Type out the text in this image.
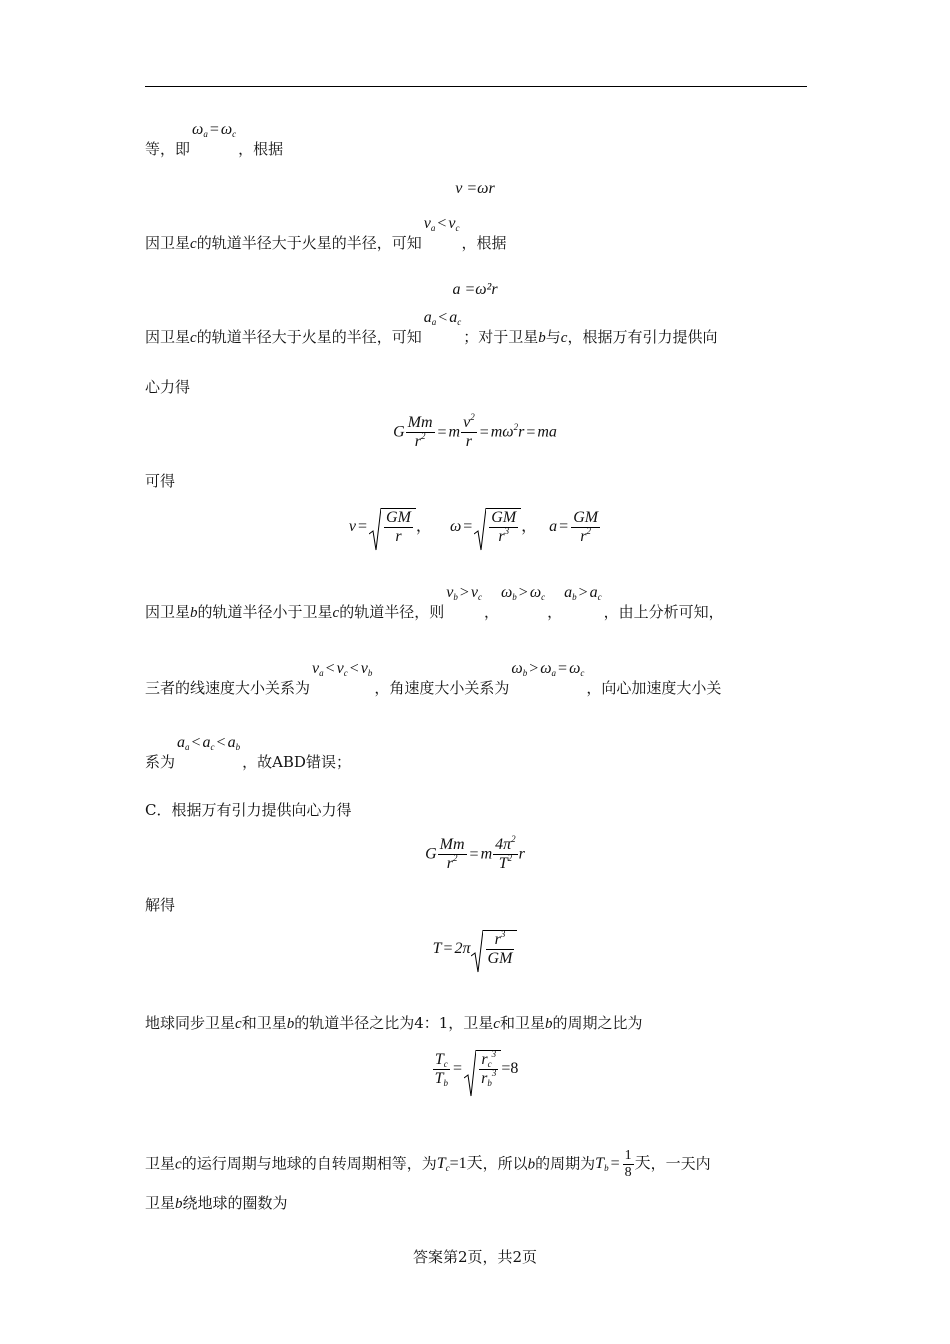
等，即$\omega_a = \omega_c$，根据
v =ωr
因卫星c的轨道半径大于火星的半径，可知$v_a < v_c$，根据
a =ω²r
因卫星c的轨道半径大于火星的半径，可知$a_a < a_c$；对于卫星b与c，根据万有引力提供向
心力得
G $\frac{Mm}{r^2} = m \frac{v^2}{r} = m\omega^2r$ = ma
可得
$v = \frac{GM}{r}$ ， $\omega = \frac{GM}{r^3}$ ， $a = \frac{GM}{r^2}$
因卫星b的轨道半径小于卫星c的轨道半径，则$v_b > v_c$，$\omega_b > \omega_c$，$a_b > a_c$，由上分析可知，
三者的线速度大小关系为$v_a < v_c < v_b$，角速度大小关系为$\omega_b > \omega_a = \omega_c$，向心加速度大小关
系为$a_a < a_c < a_b$，故ABD错误；
C．根据万有引力提供向心力得
G $\frac{Mm}{r^2} = m \frac{4\pi^2}{T^2}$ r
解得
$T = 2\pi \frac{r^3}{GM}$
地球同步卫星c和卫星b的轨道半径之比为4：1，卫星c和卫星b的周期之比为
$\frac{T_c}{T_b} = \frac{r_c^3}{r_b^3} =8$
卫星c的运行周期与地球的自转周期相等，为$T_c=1$天，所以b的周期为$T_b = \frac{1}{8}$ 天，一天内
卫星b绕地球的圈数为
答案第2页，共2页
